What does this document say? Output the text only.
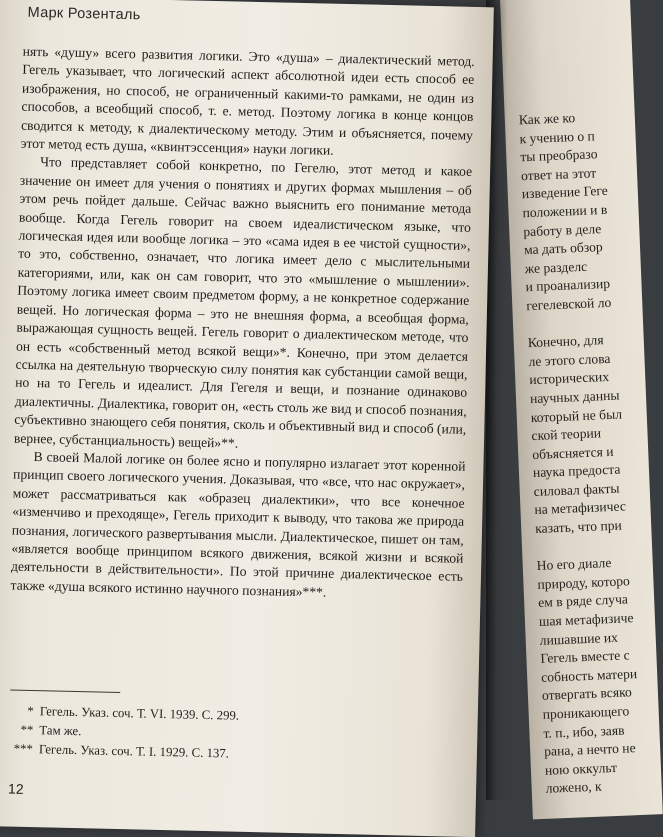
Как же ко
к учению о п
ты преобразо
ответ на этот
изведение Геге
положении и в
работу в деле
ма дать обзор
же разделс
и проанализир
гегелевской ло
Конечно, для
ле этого слова
исторических
научных данны
который не был
ской теории
объясняется и
наука предоста
силовал факты
на метафизичес
казать, что при
Но его диале
природу, которо
ем в ряде случа
шая метафизиче
лишавшие их
Гегель вместе с
собность матери
отвергать всяко
проникающего
т. п., ибо, заяв
рана, а нечто не
ною оккульт
ложено, к

Марк Розенталь

нять «душу» всего развития логики. Это «душа» – диалектический метод. Гегель указывает, что логический аспект абсолютной идеи есть способ ее изображения, но способ, не ограниченный какими-то рамками, не один из способов, а всеобщий способ, т. е. метод. Поэтому логика в конце концов сводится к методу, к диалектическому методу. Этим и объясняется, почему этот метод есть душа, «квинтэссенция» науки логики.

Что представляет собой конкретно, по Гегелю, этот метод и какое значение он имеет для учения о понятиях и других формах мышления – об этом речь пойдет дальше. Сейчас важно выяснить его понимание метода вообще. Когда Гегель говорит на своем идеалистическом языке, что логическая идея или вообще логика – это «сама идея в ее чистой сущности», то это, собственно, означает, что логика имеет дело с мыслительными категориями, или, как он сам говорит, что это «мышление о мышлении». Поэтому логика имеет своим предметом форму, а не конкретное содержание вещей. Но логическая форма – это не внешняя форма, а всеобщая форма, выражающая сущность вещей. Гегель говорит о диалектическом методе, что он есть «собственный метод всякой вещи»*. Конечно, при этом делается ссылка на деятельную творческую силу понятия как субстанции самой вещи, но на то Гегель и идеалист. Для Гегеля и вещи, и познание одинаково диалектичны. Диалектика, говорит он, «есть столь же вид и способ познания, субъективно знающего себя понятия, сколь и объективный вид и способ (или, вернее, субстанциальность) вещей»**.

В своей Малой логике он более ясно и популярно излагает этот коренной принцип своего логического учения. Доказывая, что «все, что нас окружает», может рассматриваться как «образец диалектики», что все конечное «изменчиво и преходяще», Гегель приходит к выводу, что такова же природа познания, логического развертывания мысли. Диалектическое, пишет он там, «является вообще принципом всякого движения, всякой жизни и всякой деятельности в действительности». По этой причине диалектическое есть также «душа всякого истинно научного познания»***.

* Гегель. Указ. соч. Т. VI. 1939. С. 299.
** Там же.
*** Гегель. Указ. соч. Т. I. 1929. С. 137.

12
